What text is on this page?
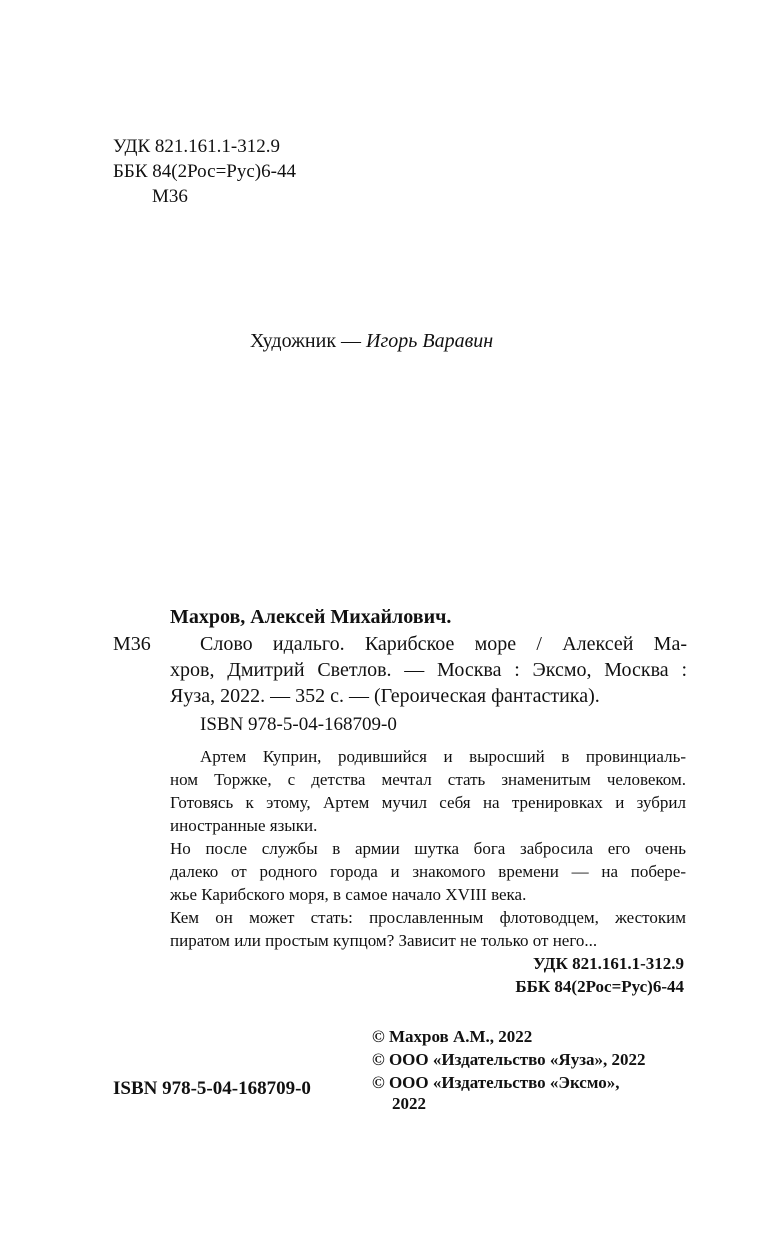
УДК 821.161.1-312.9
ББК 84(2Рос=Рус)6-44
М36
Художник — Игорь Варавин
Махров, Алексей Михайлович.
М36 Слово идальго. Карибское море / Алексей Ма-
хров, Дмитрий Светлов. — Москва : Эксмо, Москва :
Яуза, 2022. — 352 с. — (Героическая фантастика).
ISBN 978-5-04-168709-0
Артем Куприн, родившийся и выросший в провинциаль-
ном Торжке, с детства мечтал стать знаменитым человеком.
Готовясь к этому, Артем мучил себя на тренировках и зубрил
иностранные языки.
Но после службы в армии шутка бога забросила его очень
далеко от родного города и знакомого времени — на побере-
жье Карибского моря, в самое начало XVIII века.
Кем он может стать: прославленным флотоводцем, жестоким
пиратом или простым купцом? Зависит не только от него...
УДК 821.161.1-312.9
ББК 84(2Рос=Рус)6-44
ISBN 978-5-04-168709-0
© Махров А.М., 2022
© ООО «Издательство «Яуза», 2022
© ООО «Издательство «Эксмо»,
2022
